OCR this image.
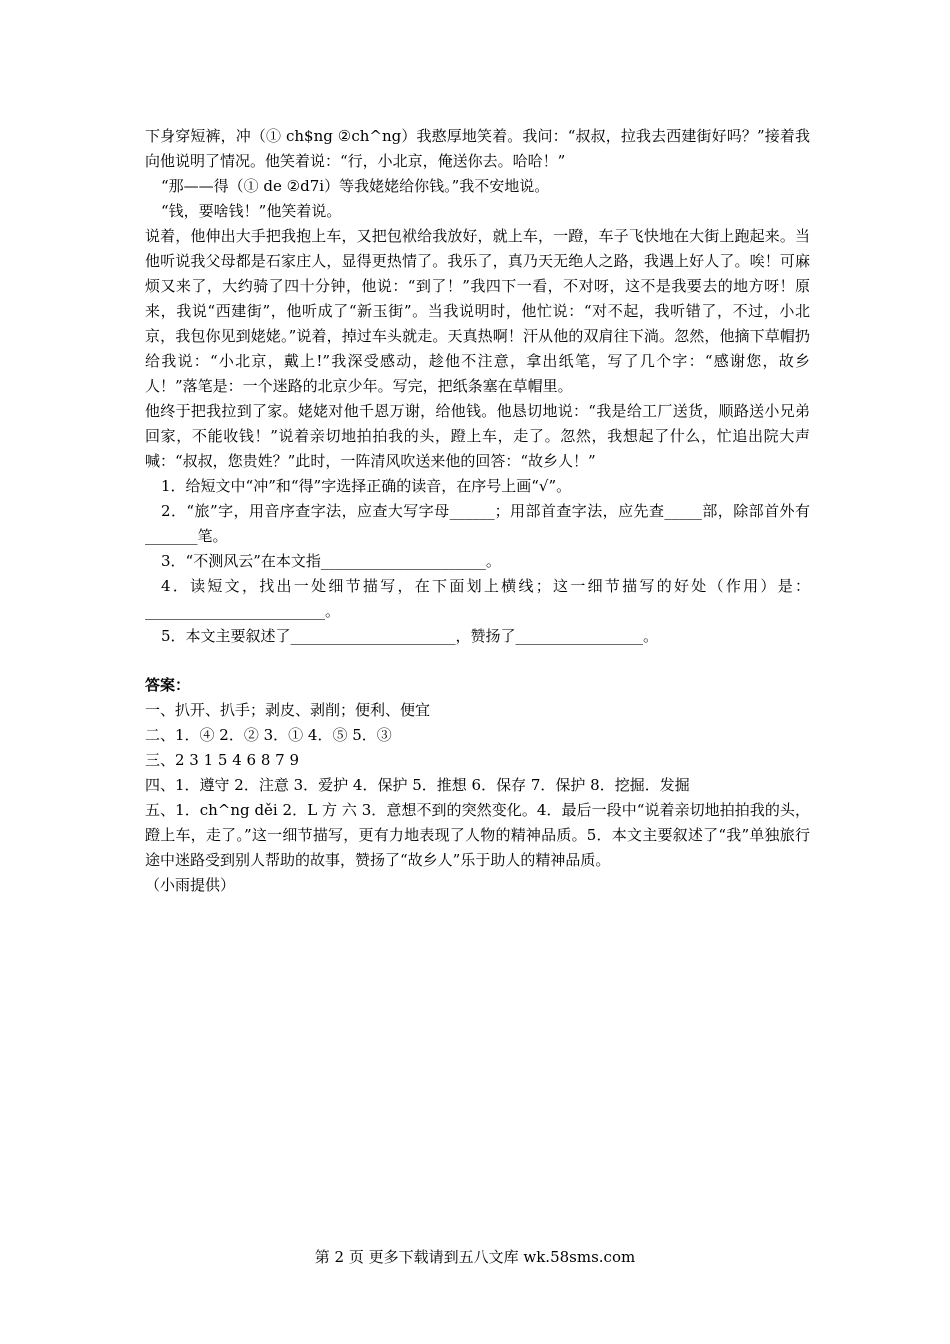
下身穿短裤，冲（① ch$ng ②ch^ng）我憨厚地笑着。我问：“叔叔，拉我去西建街好吗？”接着我向他说明了情况。他笑着说：“行，小北京，俺送你去。哈哈！”
“那——得（① de ②d7i）等我姥姥给你钱。”我不安地说。
“钱，要啥钱！”他笑着说。
说着，他伸出大手把我抱上车，又把包袱给我放好，就上车，一蹬，车子飞快地在大街上跑起来。当他听说我父母都是石家庄人，显得更热情了。我乐了，真乃天无绝人之路，我遇上好人了。唉！可麻烦又来了，大约骑了四十分钟，他说：“到了！”我四下一看，不对呀，这不是我要去的地方呀！原来，我说“西建街”，他听成了“新玉街”。当我说明时，他忙说：“对不起，我听错了，不过，小北京，我包你见到姥姥。”说着，掉过车头就走。天真热啊！汗从他的双肩往下淌。忽然，他摘下草帽扔给我说：“小北京，戴上!”我深受感动，趁他不注意，拿出纸笔，写了几个字：“感谢您，故乡人！”落笔是：一个迷路的北京少年。写完，把纸条塞在草帽里。
他终于把我拉到了家。姥姥对他千恩万谢，给他钱。他恳切地说：“我是给工厂送货，顺路送小兄弟回家，不能收钱！”说着亲切地拍拍我的头，蹬上车，走了。忽然，我想起了什么，忙追出院大声喊：“叔叔，您贵姓？”此时，一阵清风吹送来他的回答：“故乡人！”
1．给短文中“冲”和“得”字选择正确的读音，在序号上画“√”。
2．“旅”字，用音序查字法，应查大写字母______；用部首查字法，应先查_____部，除部首外有_______笔。
3．“不测风云”在本文指______________________。
4．读短文，找出一处细节描写，在下面划上横线；这一细节描写的好处（作用）是：________________________。
5．本文主要叙述了______________________，赞扬了_________________。
答案：
一、扒开、扒手；剥皮、剥削；便利、便宜
二、1．④ 2．② 3．① 4．⑤ 5．③
三、2 3 1 5 4 6 8 7 9
四、1．遵守 2．注意 3．爱护 4．保护 5．推想 6．保存 7．保护 8．挖掘．发掘
五、1．ch^ng děi 2．L 方 六 3．意想不到的突然变化。4．最后一段中“说着亲切地拍拍我的头，蹬上车，走了。”这一细节描写，更有力地表现了人物的精神品质。5．本文主要叙述了“我”单独旅行途中迷路受到别人帮助的故事，赞扬了“故乡人”乐于助人的精神品质。
（小雨提供）
第 2 页 更多下载请到五八文库 wk.58sms.com
